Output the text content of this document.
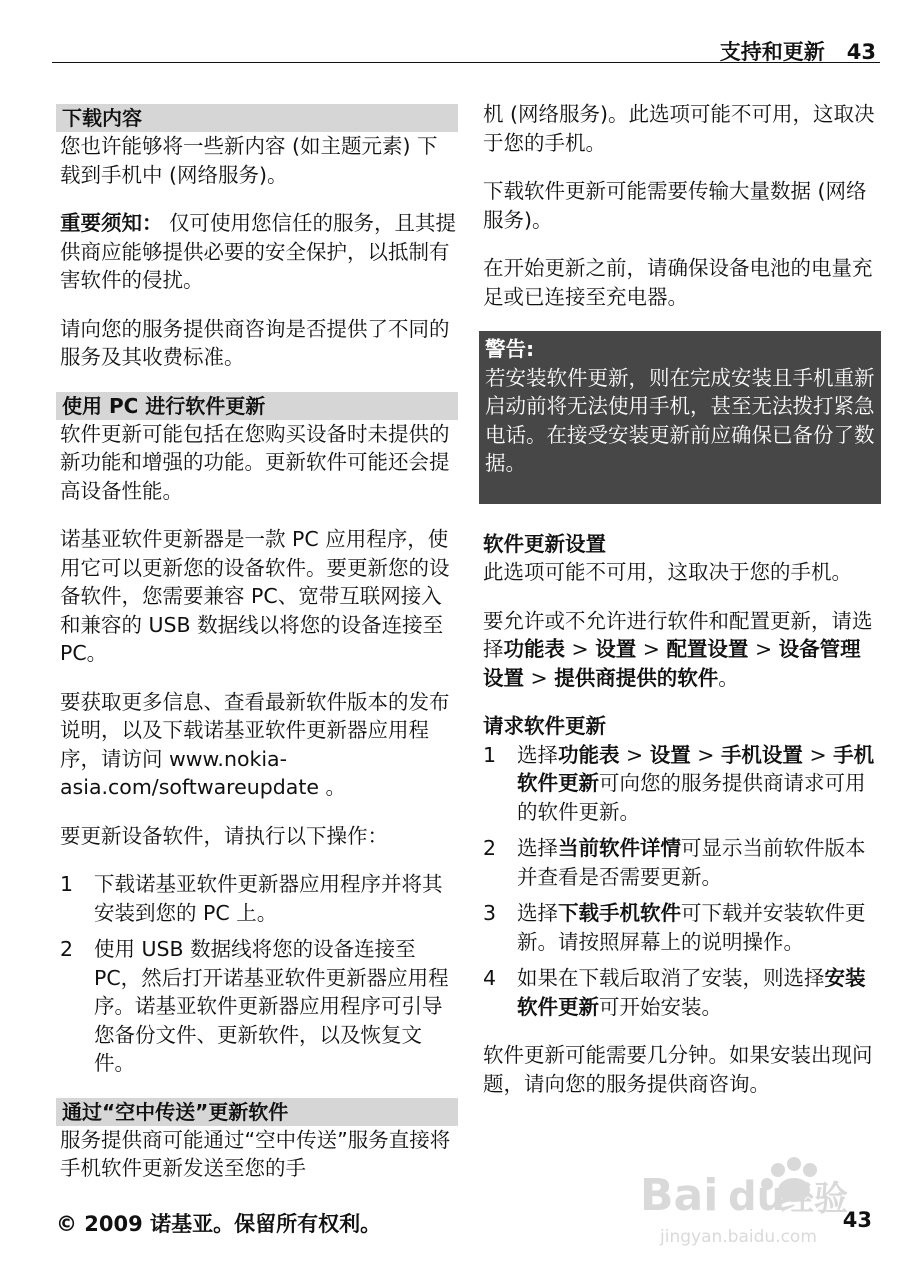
支持和更新 43
下载内容

您也许能够将一些新内容 (如主题元素) 下载到手机中 (网络服务)。

重要须知： 仅可使用您信任的服务，且其提供商应能够提供必要的安全保护，以抵制有害软件的侵扰。

请向您的服务提供商咨询是否提供了不同的服务及其收费标准。

使用 PC 进行软件更新

软件更新可能包括在您购买设备时未提供的新功能和增强的功能。更新软件可能还会提高设备性能。

诺基亚软件更新器是一款 PC 应用程序，使用它可以更新您的设备软件。要更新您的设备软件，您需要兼容 PC、宽带互联网接入和兼容的 USB 数据线以将您的设备连接至 PC。

要获取更多信息、查看最新软件版本的发布说明，以及下载诺基亚软件更新器应用程序，请访问 www.nokia-asia.com/softwareupdate 。

要更新设备软件，请执行以下操作：

1 下载诺基亚软件更新器应用程序并将其安装到您的 PC 上。
2 使用 USB 数据线将您的设备连接至 PC，然后打开诺基亚软件更新器应用程序。诺基亚软件更新器应用程序可引导您备份文件、更新软件，以及恢复文件。
通过“空中传送”更新软件

服务提供商可能通过“空中传送”服务直接将手机软件更新发送至您的手

机 (网络服务)。此选项可能不可用，这取决于您的手机。

下载软件更新可能需要传输大量数据 (网络服务)。

在开始更新之前，请确保设备电池的电量充足或已连接至充电器。

警告:
若安装软件更新，则在完成安装且手机重新启动前将无法使用手机，甚至无法拨打紧急电话。在接受安装更新前应确保已备份了数据。
软件更新设置

此选项可能不可用，这取决于您的手机。

要允许或不允许进行软件和配置更新，请选择功能表 > 设置 > 配置设置 > 设备管理设置 > 提供商提供的软件。

请求软件更新
1 选择功能表 > 设置 > 手机设置 > 手机软件更新可向您的服务提供商请求可用的软件更新。
2 选择当前软件详情可显示当前软件版本并查看是否需要更新。
3 选择下载手机软件可下载并安装软件更新。请按照屏幕上的说明操作。
4 如果在下载后取消了安装，则选择安装软件更新可开始安装。

软件更新可能需要几分钟。如果安装出现问题，请向您的服务提供商咨询。

Bai du
经验
jingyan.baidu.com
© 2009 诺基亚。保留所有权利。	43
